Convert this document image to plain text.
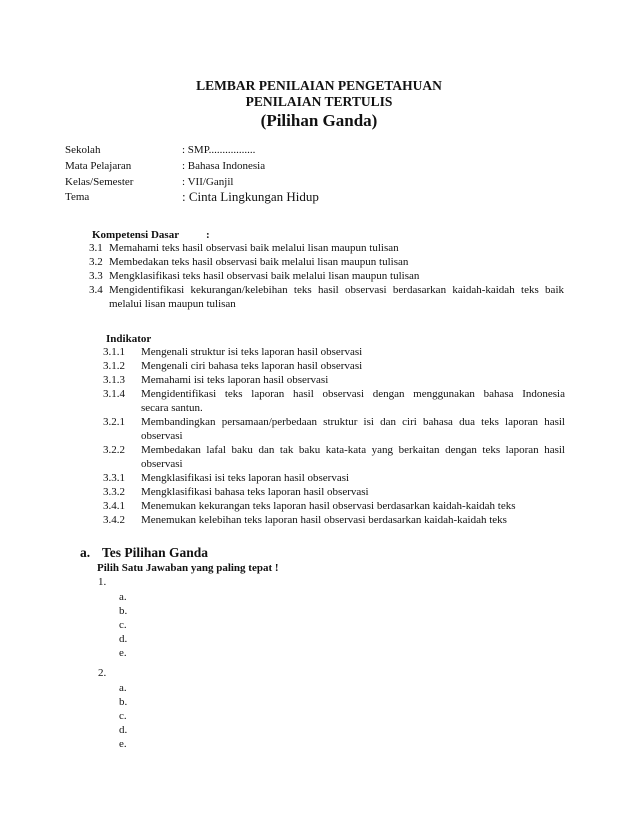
LEMBAR PENILAIAN PENGETAHUAN
PENILAIAN TERTULIS
(Pilihan Ganda)
Sekolah	: SMP.................
Mata Pelajaran	: Bahasa Indonesia
Kelas/Semester	: VII/Ganjil
Tema	: Cinta Lingkungan Hidup
Kompetensi Dasar :
3.1 Memahami teks hasil observasi baik melalui lisan maupun tulisan
3.2 Membedakan teks hasil observasi baik melalui lisan maupun tulisan
3.3 Mengklasifikasi teks hasil observasi baik melalui lisan maupun tulisan
3.4 Mengidentifikasi kekurangan/kelebihan teks hasil observasi berdasarkan kaidah-kaidah teks baik
melalui lisan maupun tulisan
Indikator
3.1.1 Mengenali struktur isi teks laporan hasil observasi
3.1.2 Mengenali ciri bahasa teks laporan hasil observasi
3.1.3 Memahami isi teks laporan hasil observasi
3.1.4 Mengidentifikasi teks laporan hasil observasi dengan menggunakan bahasa Indonesia
secara santun.
3.2.1 Membandingkan persamaan/perbedaan struktur isi dan ciri bahasa dua teks laporan hasil
observasi
3.2.2 Membedakan lafal baku dan tak baku kata-kata yang berkaitan dengan teks laporan hasil
observasi
3.3.1 Mengklasifikasi isi teks laporan hasil observasi
3.3.2 Mengklasifikasi bahasa teks laporan hasil observasi
3.4.1 Menemukan kekurangan teks laporan hasil observasi berdasarkan kaidah-kaidah teks
3.4.2 Menemukan kelebihan teks laporan hasil observasi berdasarkan kaidah-kaidah teks
a. Tes Pilihan Ganda
Pilih Satu Jawaban yang paling tepat !
1.
a.
b.
c.
d.
e.
2.
a.
b.
c.
d.
e.
